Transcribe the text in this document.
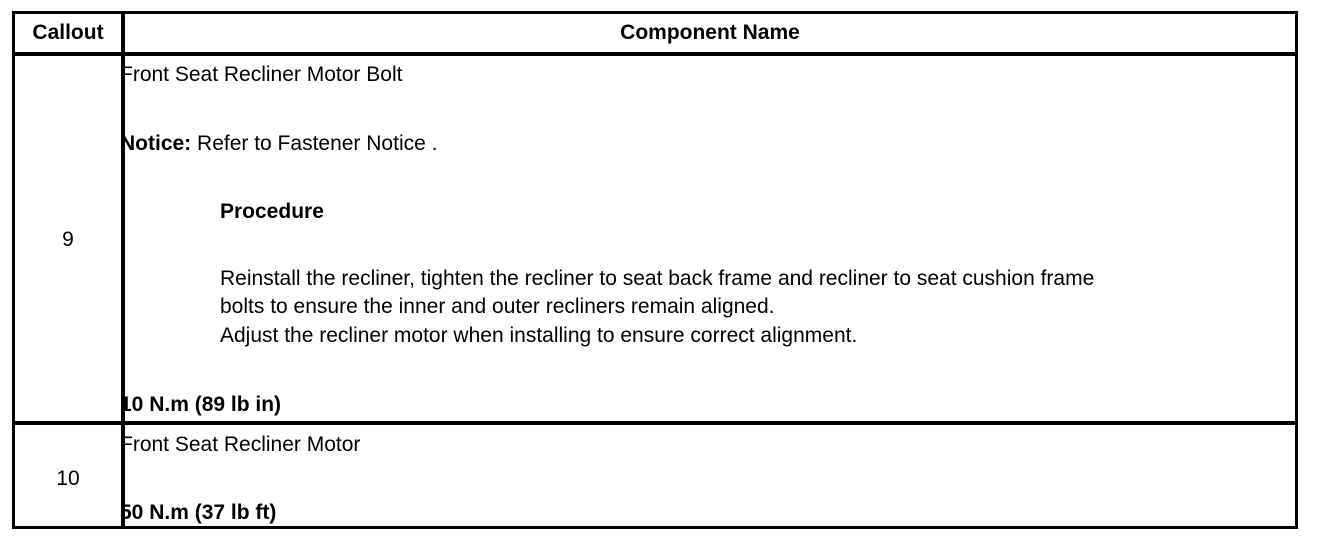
Callout	Component Name
9
Front Seat Recliner Motor Bolt
Notice: Refer to Fastener Notice .
Procedure
Reinstall the recliner, tighten the recliner to seat back frame and recliner to seat cushion frame
bolts to ensure the inner and outer recliners remain aligned.
Adjust the recliner motor when installing to ensure correct alignment.
10 N.m (89 lb in)
10
Front Seat Recliner Motor
50 N.m (37 lb ft)
